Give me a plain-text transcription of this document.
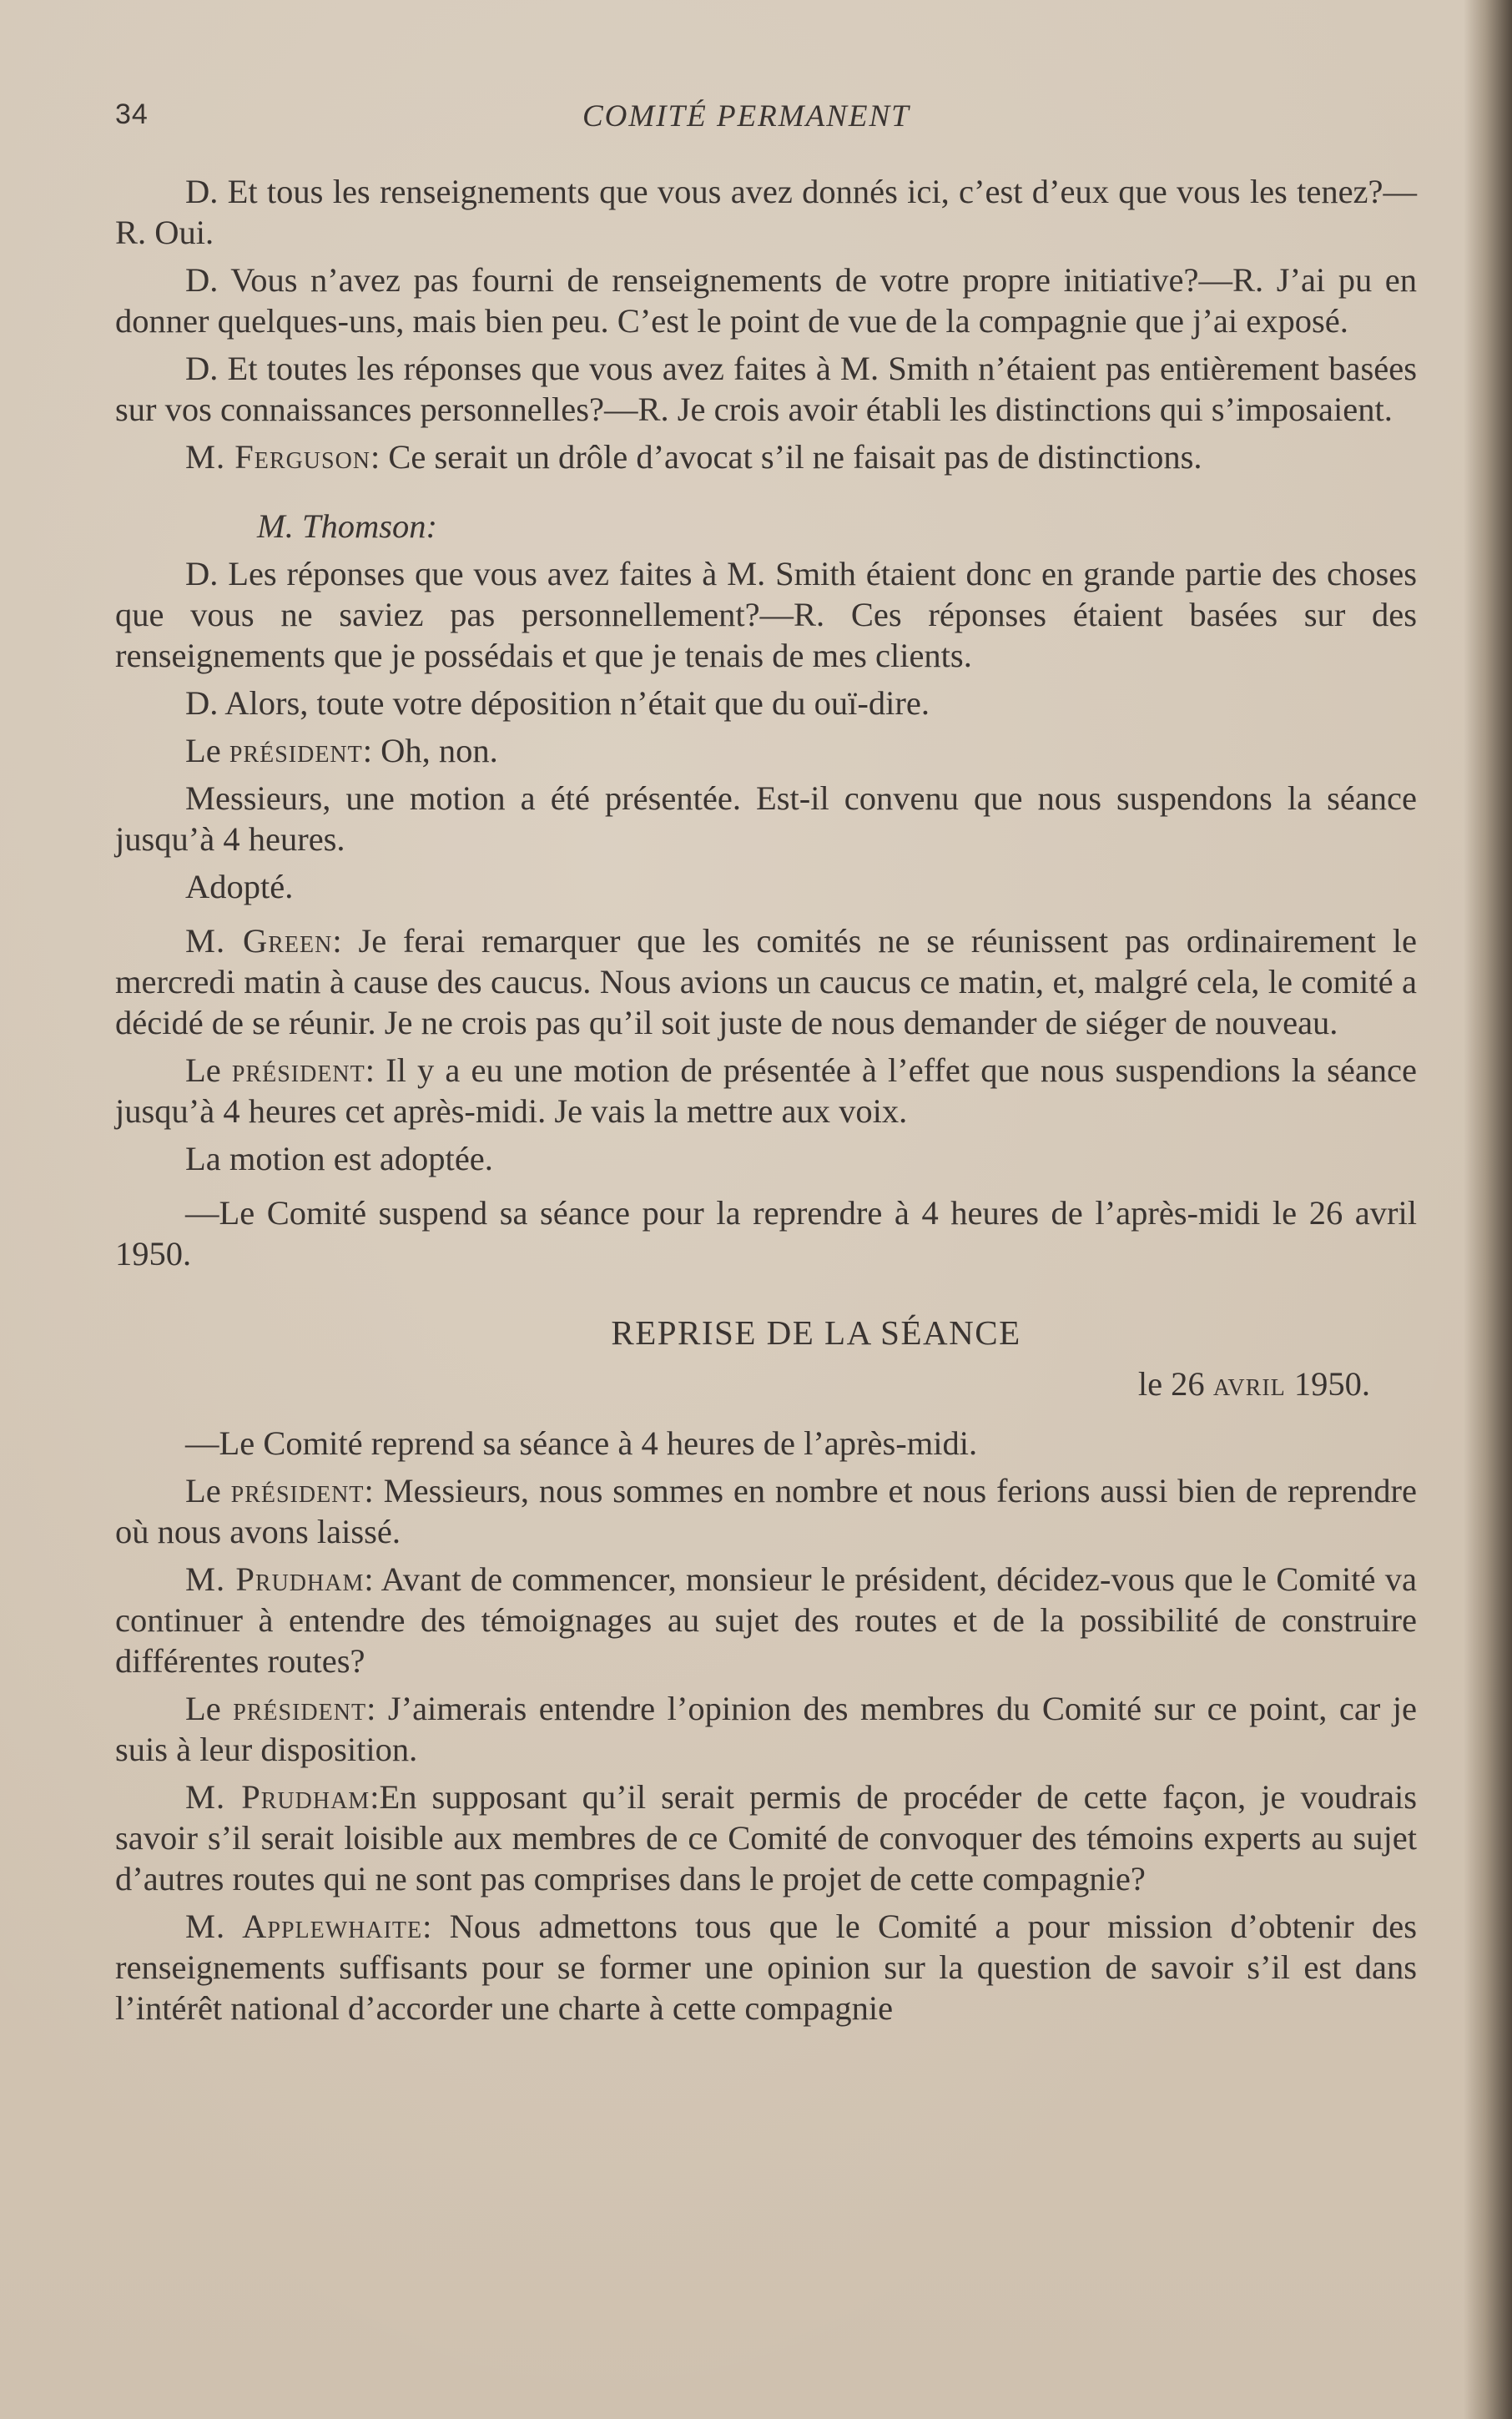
34	COMITÉ PERMANENT

D. Et tous les renseignements que vous avez donnés ici, c’est d’eux que vous les tenez?—R. Oui.

D. Vous n’avez pas fourni de renseignements de votre propre initiative?—R. J’ai pu en donner quelques-uns, mais bien peu. C’est le point de vue de la compagnie que j’ai exposé.

D. Et toutes les réponses que vous avez faites à M. Smith n’étaient pas entièrement basées sur vos connaissances personnelles?—R. Je crois avoir établi les distinctions qui s’imposaient.

M. Ferguson: Ce serait un drôle d’avocat s’il ne faisait pas de distinctions.

M. Thomson:

D. Les réponses que vous avez faites à M. Smith étaient donc en grande partie des choses que vous ne saviez pas personnellement?—R. Ces réponses étaient basées sur des renseignements que je possédais et que je tenais de mes clients.

D. Alors, toute votre déposition n’était que du ouï-dire.

Le président: Oh, non.

Messieurs, une motion a été présentée. Est-il convenu que nous suspendons la séance jusqu’à 4 heures.

Adopté.

M. Green: Je ferai remarquer que les comités ne se réunissent pas ordinairement le mercredi matin à cause des caucus. Nous avions un caucus ce matin, et, malgré cela, le comité a décidé de se réunir. Je ne crois pas qu’il soit juste de nous demander de siéger de nouveau.

Le président: Il y a eu une motion de présentée à l’effet que nous suspendions la séance jusqu’à 4 heures cet après-midi. Je vais la mettre aux voix.

La motion est adoptée.

—Le Comité suspend sa séance pour la reprendre à 4 heures de l’après-midi le 26 avril 1950.

REPRISE DE LA SÉANCE
le 26 avril 1950.

—Le Comité reprend sa séance à 4 heures de l’après-midi.

Le président: Messieurs, nous sommes en nombre et nous ferions aussi bien de reprendre où nous avons laissé.

M. Prudham: Avant de commencer, monsieur le président, décidez-vous que le Comité va continuer à entendre des témoignages au sujet des routes et de la possibilité de construire différentes routes?

Le président: J’aimerais entendre l’opinion des membres du Comité sur ce point, car je suis à leur disposition.

M. Prudham:En supposant qu’il serait permis de procéder de cette façon, je voudrais savoir s’il serait loisible aux membres de ce Comité de convoquer des témoins experts au sujet d’autres routes qui ne sont pas comprises dans le projet de cette compagnie?

M. Applewhaite: Nous admettons tous que le Comité a pour mission d’obtenir des renseignements suffisants pour se former une opinion sur la question de savoir s’il est dans l’intérêt national d’accorder une charte à cette compagnie
